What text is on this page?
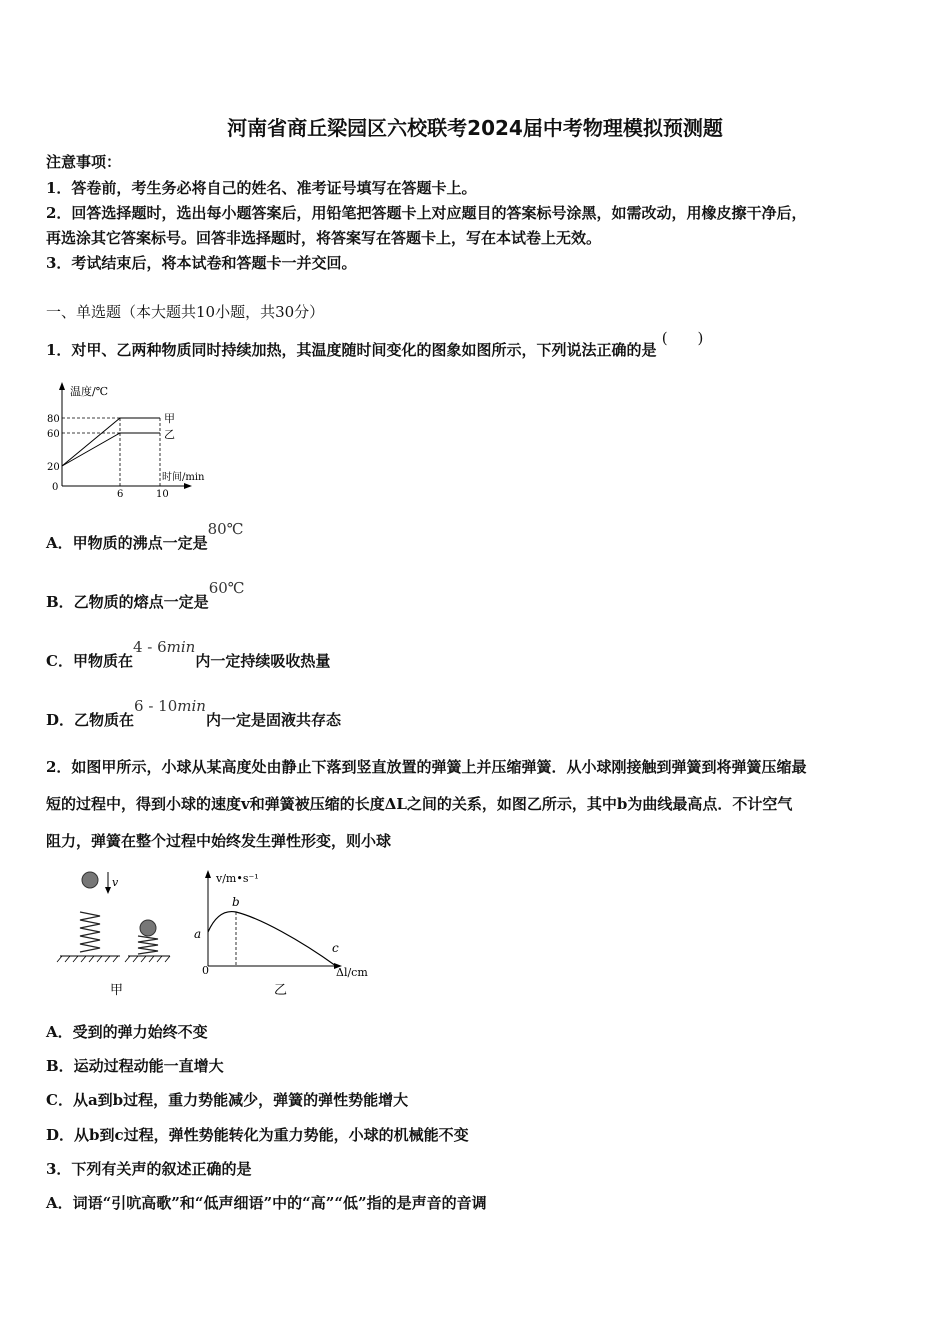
河南省商丘梁园区六校联考2024届中考物理模拟预测题
注意事项：
1．答卷前，考生务必将自己的姓名、准考证号填写在答题卡上。
2．回答选择题时，选出每小题答案后，用铅笔把答题卡上对应题目的答案标号涂黑，如需改动，用橡皮擦干净后，
再选涂其它答案标号。回答非选择题时，将答案写在答题卡上，写在本试卷上无效。
3．考试结束后，将本试卷和答题卡一并交回。
一、单选题（本大题共10小题，共30分）
1．对甲、乙两种物质同时持续加热，其温度随时间变化的图象如图所示，下列说法正确的是 (　　)
温度/℃
时间/min
0
80
60
20
6	10
甲
乙
A．甲物质的沸点一定是80℃
B．乙物质的熔点一定是60℃
C．甲物质在4 - 6min内一定持续吸收热量
D．乙物质在6 - 10min内一定是固液共存态
2．如图甲所示，小球从某高度处由静止下落到竖直放置的弹簧上并压缩弹簧．从小球刚接触到弹簧到将弹簧压缩最
短的过程中，得到小球的速度v和弹簧被压缩的长度ΔL之间的关系，如图乙所示，其中b为曲线最高点．不计空气
阻力，弹簧在整个过程中始终发生弹性形变，则小球
v
甲
v/m•s⁻¹
Δl/cm
0
a
b
c
乙
A．受到的弹力始终不变
B．运动过程动能一直增大
C．从a到b过程，重力势能减少，弹簧的弹性势能增大
D．从b到c过程，弹性势能转化为重力势能，小球的机械能不变
3．下列有关声的叙述正确的是
A．词语“引吭高歌”和“低声细语”中的“高”“低”指的是声音的音调
